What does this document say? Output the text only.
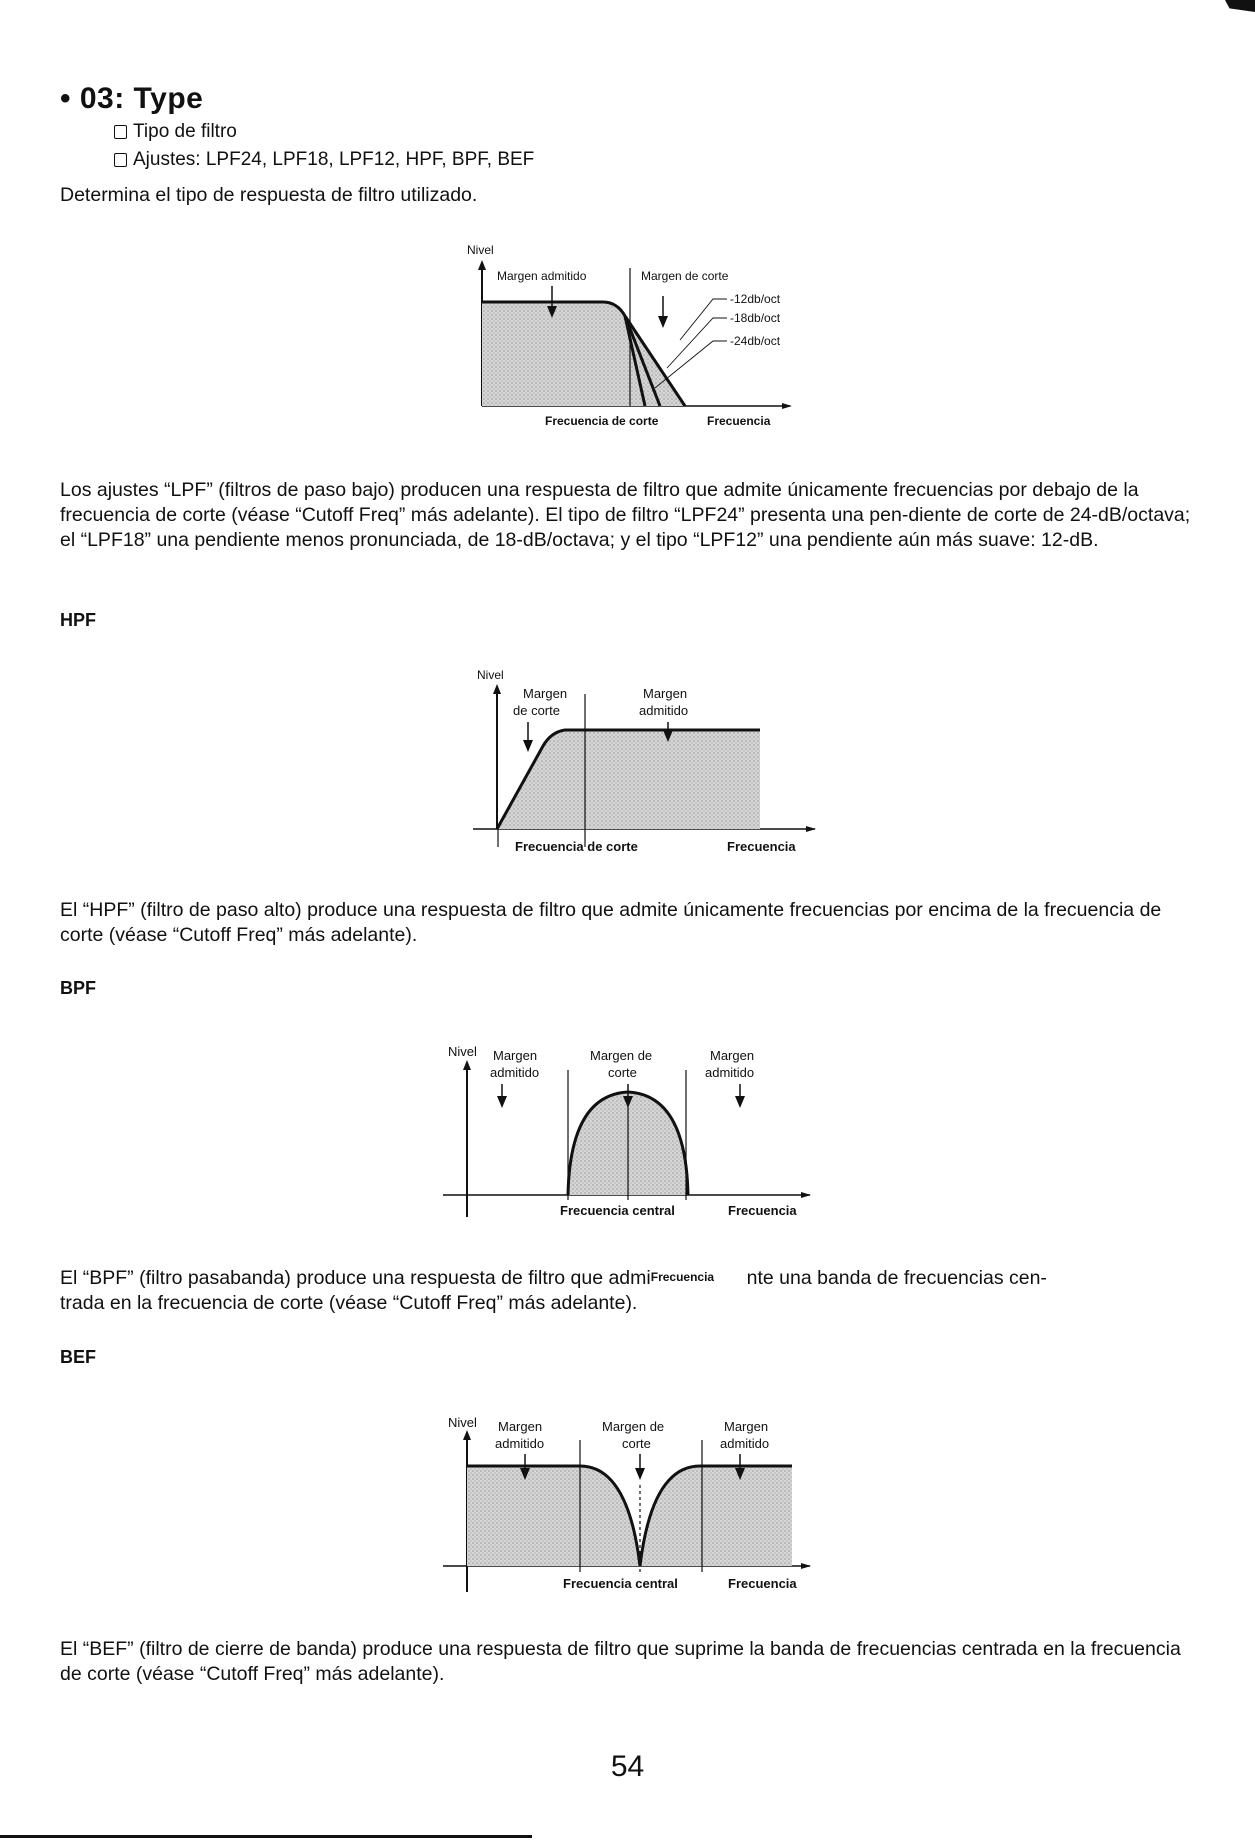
• 03: Type
Tipo de filtro
Ajustes: LPF24, LPF18, LPF12, HPF, BPF, BEF
Determina el tipo de respuesta de filtro utilizado.
Nivel
Margen admitido	Margen de corte
-12db/oct
-18db/oct
-24db/oct
Frecuencia de corte	Frecuencia
Los ajustes “LPF” (filtros de paso bajo) producen una respuesta de filtro que admite únicamente frecuencias por debajo de la frecuencia de corte (véase “Cutoff Freq” más adelante). El tipo de filtro “LPF24” presenta una pen-diente de corte de 24-dB/octava; el “LPF18” una pendiente menos pronunciada, de 18-dB/octava; y el tipo “LPF12” una pendiente aún más suave: 12-dB.
HPF
Nivel
Margen
de corte
Margen
admitido
Frecuencia de corte	Frecuencia
El “HPF” (filtro de paso alto) produce una respuesta de filtro que admite únicamente frecuencias por encima de la frecuencia de corte (véase “Cutoff Freq” más adelante).
BPF
Nivel Margen
admitido
Margen de
corte
Margen
admitido
Frecuencia central	Frecuencia
El “BPF” (filtro pasabanda) produce una respuesta de filtro que admiFrecuencia nte una banda de frecuencias cen-
trada en la frecuencia de corte (véase “Cutoff Freq” más adelante).
BEF
Nivel Margen
admitido
Margen de
corte
Margen
admitido
Frecuencia central	Frecuencia
El “BEF” (filtro de cierre de banda) produce una respuesta de filtro que suprime la banda de frecuencias centrada en la frecuencia de corte (véase “Cutoff Freq” más adelante).
54
